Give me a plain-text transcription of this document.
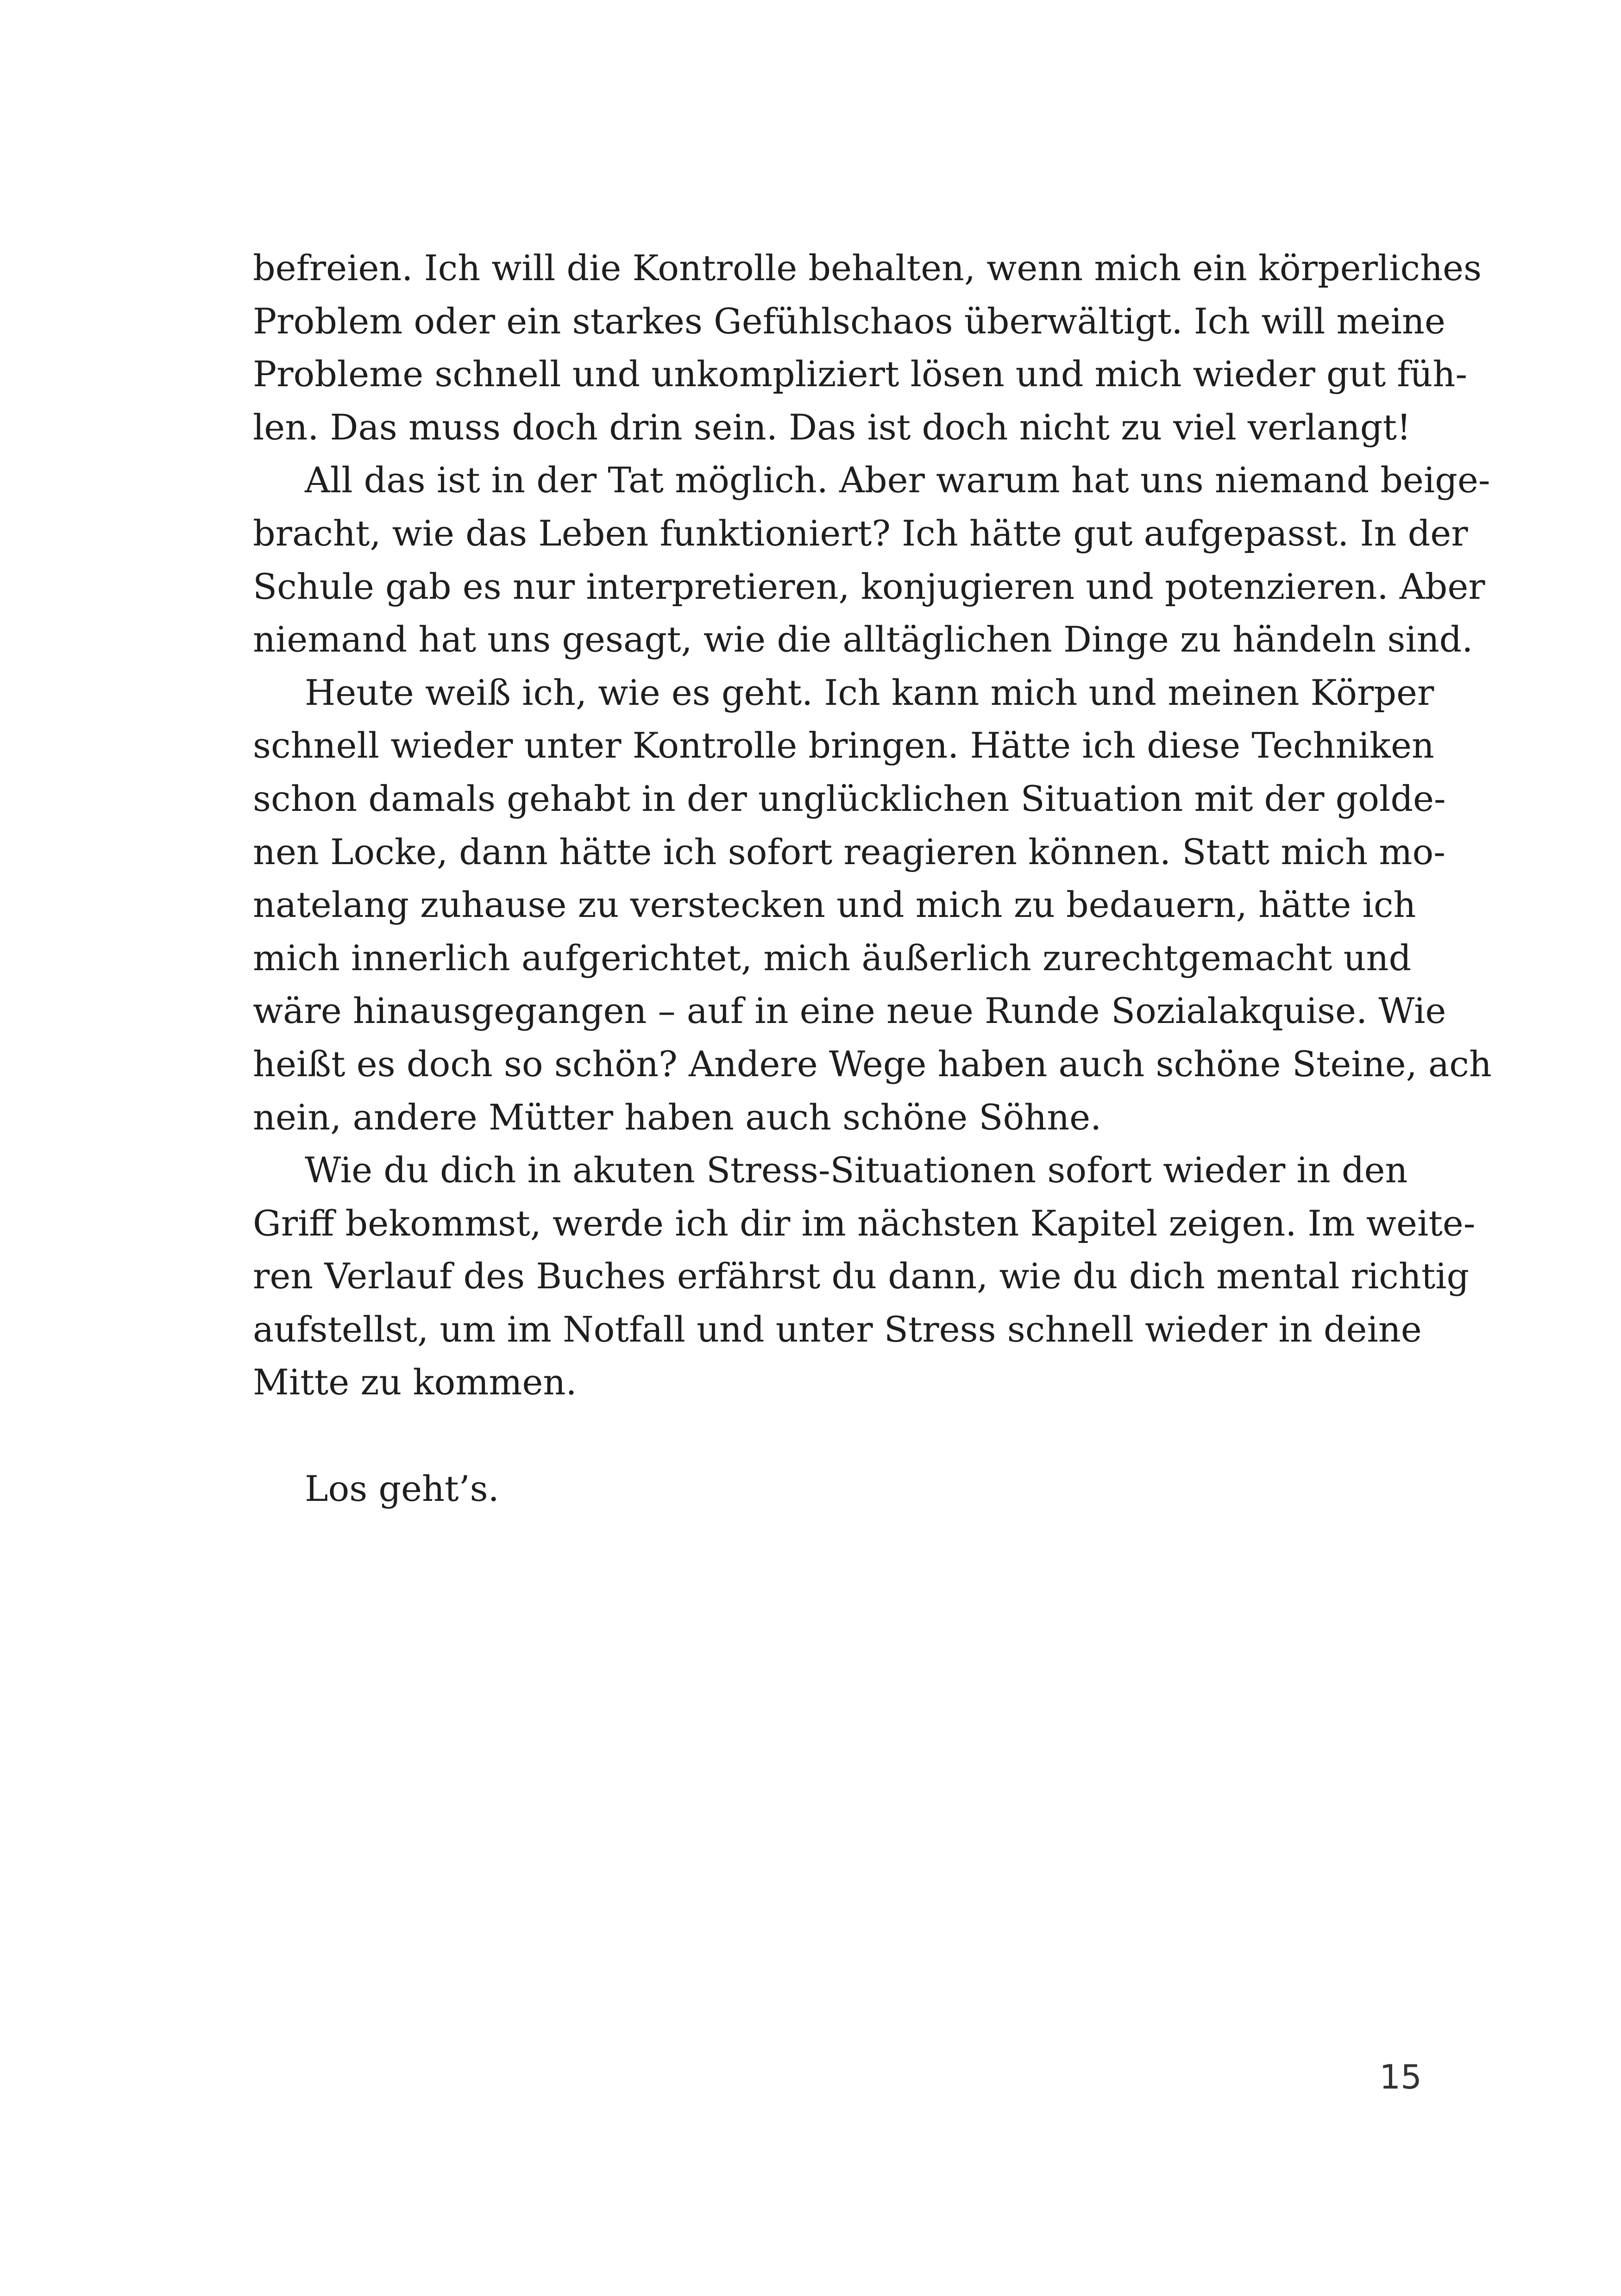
befreien. Ich will die Kontrolle behalten, wenn mich ein körperliches
Problem oder ein starkes Gefühlschaos überwältigt. Ich will meine
Probleme schnell und unkompliziert lösen und mich wieder gut füh-
len. Das muss doch drin sein. Das ist doch nicht zu viel verlangt!
All das ist in der Tat möglich. Aber warum hat uns niemand beige-
bracht, wie das Leben funktioniert? Ich hätte gut aufgepasst. In der
Schule gab es nur interpretieren, konjugieren und potenzieren. Aber
niemand hat uns gesagt, wie die alltäglichen Dinge zu händeln sind.
Heute weiß ich, wie es geht. Ich kann mich und meinen Körper
schnell wieder unter Kontrolle bringen. Hätte ich diese Techniken
schon damals gehabt in der unglücklichen Situation mit der golde-
nen Locke, dann hätte ich sofort reagieren können. Statt mich mo-
natelang zuhause zu verstecken und mich zu bedauern, hätte ich
mich innerlich aufgerichtet, mich äußerlich zurechtgemacht und
wäre hinausgegangen – auf in eine neue Runde Sozialakquise. Wie
heißt es doch so schön? Andere Wege haben auch schöne Steine, ach
nein, andere Mütter haben auch schöne Söhne.
Wie du dich in akuten Stress-Situationen sofort wieder in den
Griff bekommst, werde ich dir im nächsten Kapitel zeigen. Im weite-
ren Verlauf des Buches erfährst du dann, wie du dich mental richtig
aufstellst, um im Notfall und unter Stress schnell wieder in deine
Mitte zu kommen.
Los geht’s.
15
